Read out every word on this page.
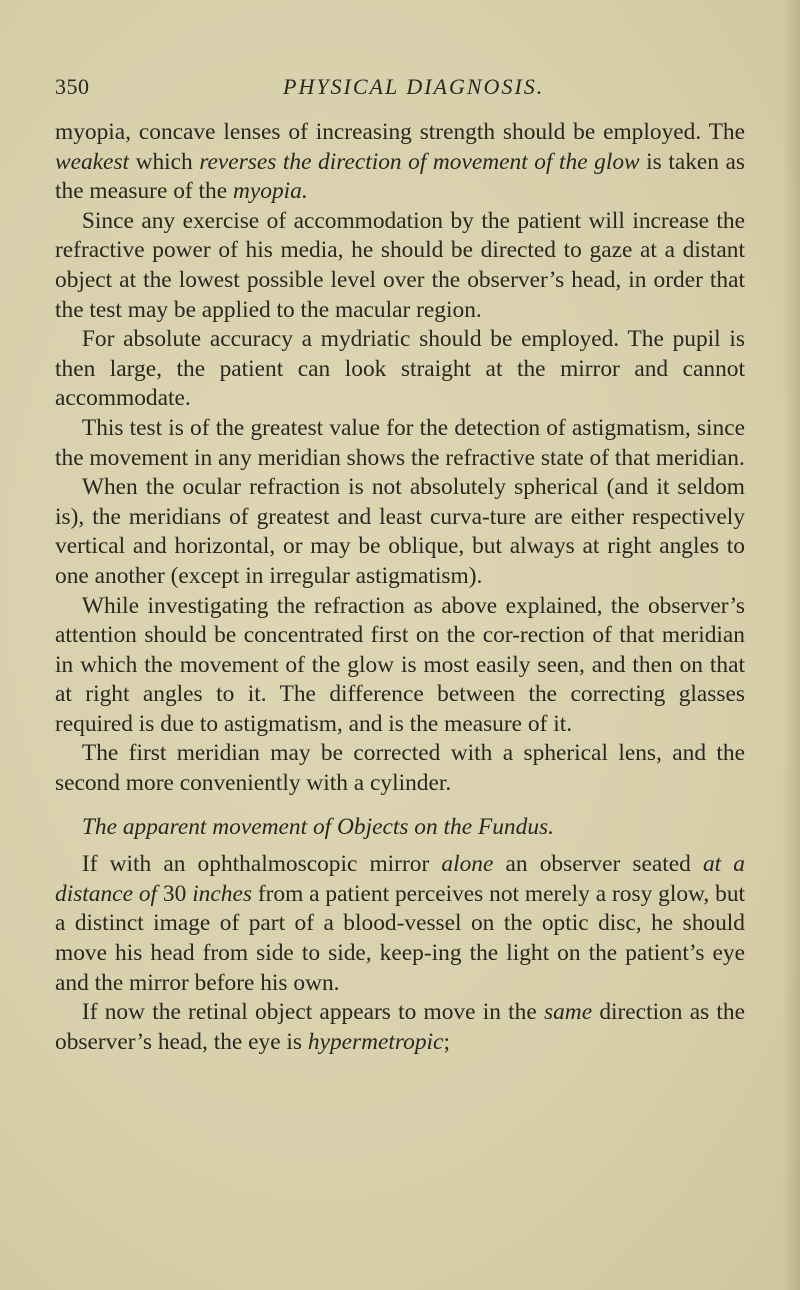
350	PHYSICAL DIAGNOSIS.

myopia, concave lenses of increasing strength should be employed. The weakest which reverses the direction of movement of the glow is taken as the measure of the myopia.

Since any exercise of accommodation by the patient will increase the refractive power of his media, he should be directed to gaze at a distant object at the lowest possible level over the observer’s head, in order that the test may be applied to the macular region.

For absolute accuracy a mydriatic should be employed. The pupil is then large, the patient can look straight at the mirror and cannot accommodate.

This test is of the greatest value for the detection of astigmatism, since the movement in any meridian shows the refractive state of that meridian.

When the ocular refraction is not absolutely spherical (and it seldom is), the meridians of greatest and least curva-ture are either respectively vertical and horizontal, or may be oblique, but always at right angles to one another (except in irregular astigmatism).

While investigating the refraction as above explained, the observer’s attention should be concentrated first on the cor-rection of that meridian in which the movement of the glow is most easily seen, and then on that at right angles to it. The difference between the correcting glasses required is due to astigmatism, and is the measure of it.

The first meridian may be corrected with a spherical lens, and the second more conveniently with a cylinder.

The apparent movement of Objects on the Fundus.

If with an ophthalmoscopic mirror alone an observer seated at a distance of 30 inches from a patient perceives not merely a rosy glow, but a distinct image of part of a blood-vessel on the optic disc, he should move his head from side to side, keep-ing the light on the patient’s eye and the mirror before his own.

If now the retinal object appears to move in the same direction as the observer’s head, the eye is hypermetropic;
